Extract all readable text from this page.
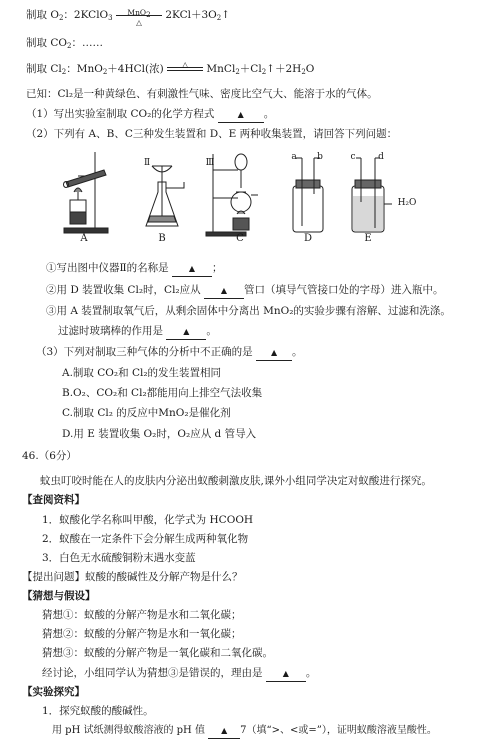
制取 $O_2$：2KClO$_3$
MnO$_2$
△
$2KCl+3O_2↑$
制取 $CO_2$：……
制取 $Cl_2$：MnO$_2$＋4HCl(浓)	△	$MnCl_2+Cl_2↑+2H_2O$
已知：Cl₂是一种黄绿色、有刺激性气味、密度比空气大、能溶于水的气体。
（1）写出实验室制取 CO₂的化学方程式	▲ 。
（2）下列有 A、B、C三种发生装置和 D、E 两种收集装置，请回答下列问题：
A	B	C	D	E
Ⅱ	Ⅲ
a	b	c	d
H₂O
①写出图中仪器Ⅱ的名称是	▲ ；
②用 D 装置收集 Cl₂时，Cl₂应从	▲ 管口（填导气管接口处的字母）进入瓶中。
③用 A 装置制取氧气后，从剩余固体中分离出 MnO₂的实验步骤有溶解、过滤和洗涤。
过滤时玻璃棒的作用是	▲ 。
（3）下列对制取三种气体的分析中不正确的是 ▲ 。
A.制取 CO₂和 Cl₂的发生装置相同
B.O₂、CO₂和 Cl₂都能用向上排空气法收集
C.制取 Cl₂ 的反应中MnO₂是催化剂
D.用 E 装置收集 O₂时，O₂应从 d 管导入
46.（6分）
蚊虫叮咬时能在人的皮肤内分泌出蚁酸刺激皮肤,课外小组同学决定对蚁酸进行探究。
【查阅资料】
1．蚁酸化学名称叫甲酸，化学式为 HCOOH
2．蚁酸在一定条件下会分解生成两种氧化物
3．白色无水硫酸铜粉末遇水变蓝
【提出问题】蚁酸的酸碱性及分解产物是什么？
【猜想与假设】
猜想①：蚁酸的分解产物是水和二氧化碳；
猜想②：蚁酸的分解产物是水和一氧化碳；
猜想③：蚁酸的分解产物是一氧化碳和二氧化碳。
经讨论，小组同学认为猜想③是错误的，理由是	▲ 。
【实验探究】
1．探究蚁酸的酸碱性。
用 pH 试纸测得蚁酸溶液的 pH 值 ▲ 7（填“>、<或=”），证明蚁酸溶液呈酸性。
